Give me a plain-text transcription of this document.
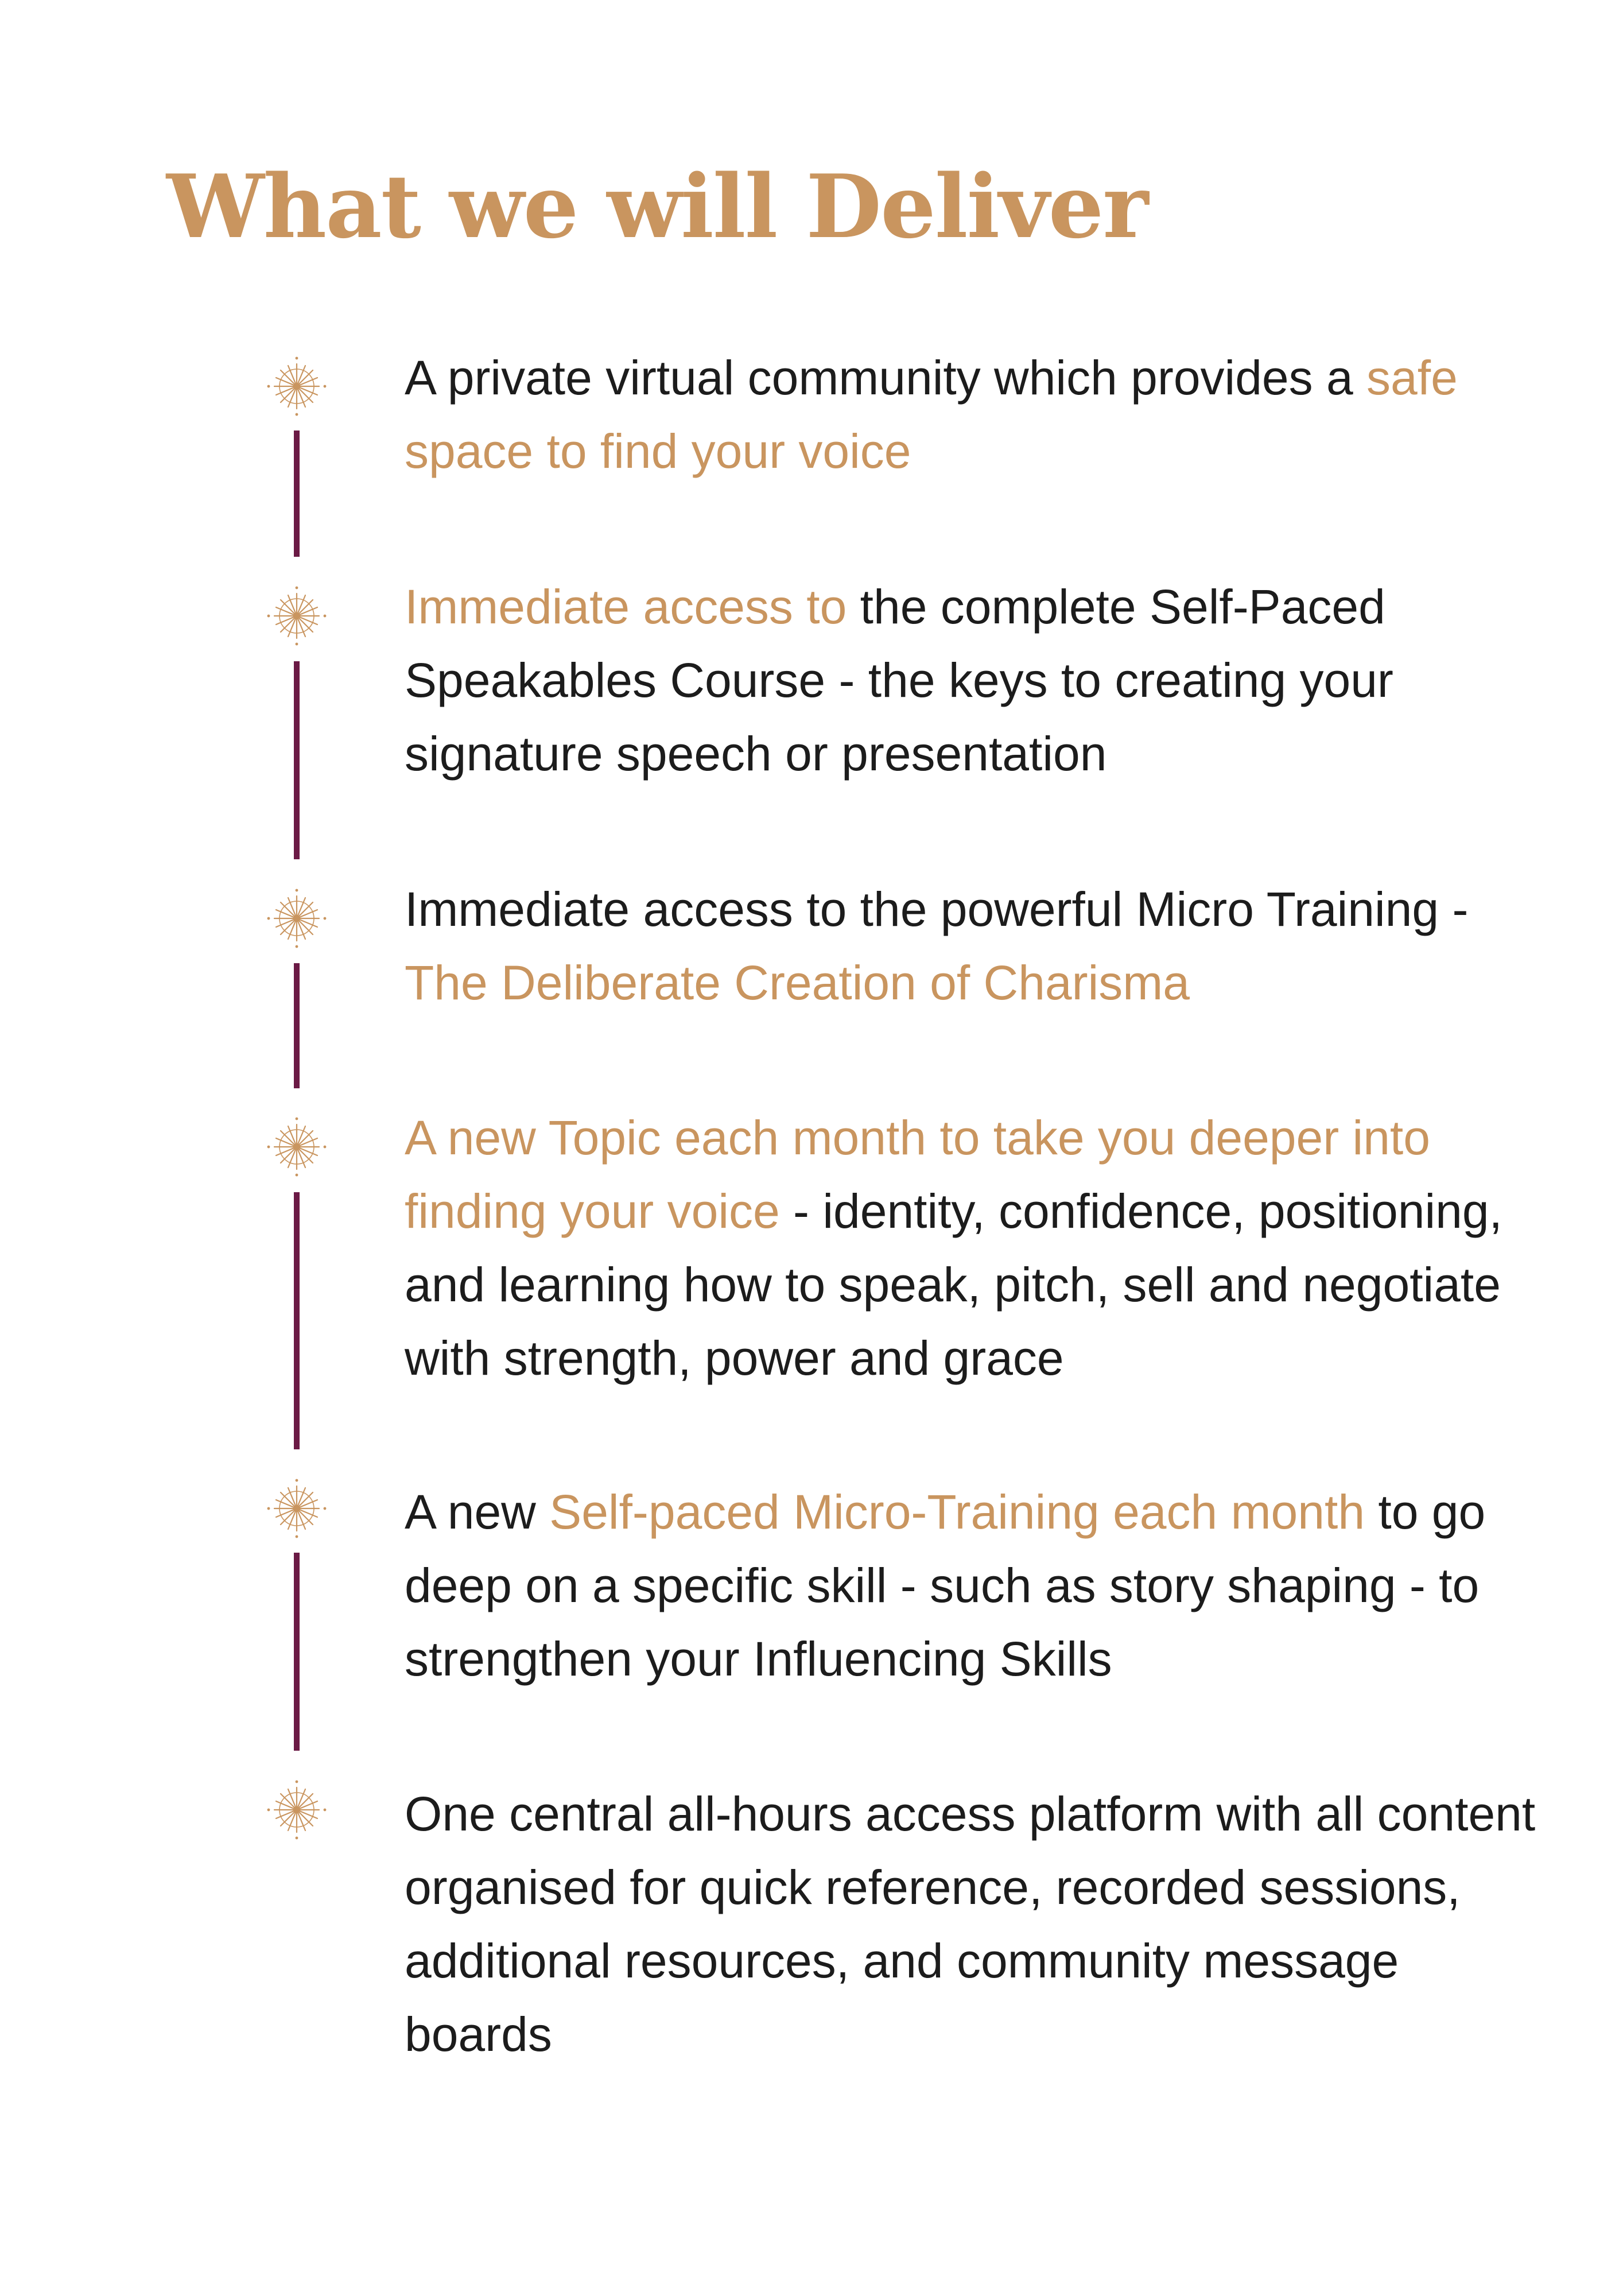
What we will Deliver

A private virtual community which provides a safe space to find your voice

Immediate access to the complete Self-Paced Speakables Course - the keys to creating your signature speech or presentation

Immediate access to the powerful Micro Training - The Deliberate Creation of Charisma

A new Topic each month to take you deeper into finding your voice - identity, confidence, positioning, and learning how to speak, pitch, sell and negotiate with strength, power and grace

A new Self-paced Micro-Training each month to go deep on a specific skill - such as story shaping - to strengthen your Influencing Skills

One central all-hours access platform with all content organised for quick reference, recorded sessions, additional resources, and community message boards
